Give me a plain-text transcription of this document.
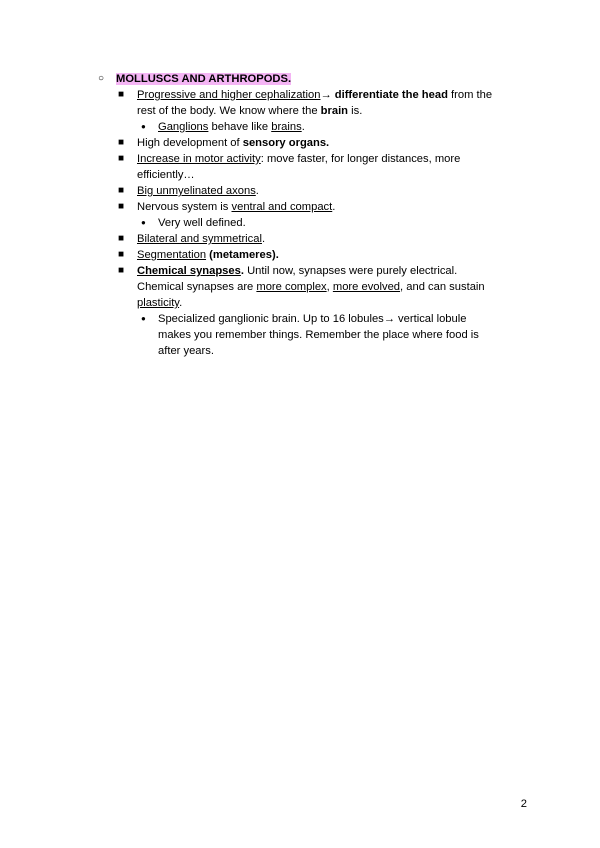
○ MOLLUSCS AND ARTHROPODS.
■ Progressive and higher cephalization→ differentiate the head from the
rest of the body. We know where the brain is.
● Ganglions behave like brains.
■ High development of sensory organs.
■ Increase in motor activity: move faster, for longer distances, more
efficiently…
■ Big unmyelinated axons.
■ Nervous system is ventral and compact.
● Very well defined.
■ Bilateral and symmetrical.
■ Segmentation (metameres).
■ Chemical synapses. Until now, synapses were purely electrical.
Chemical synapses are more complex, more evolved, and can sustain
plasticity.
● Specialized ganglionic brain. Up to 16 lobules→ vertical lobule
makes you remember things. Remember the place where food is
after years.
2
